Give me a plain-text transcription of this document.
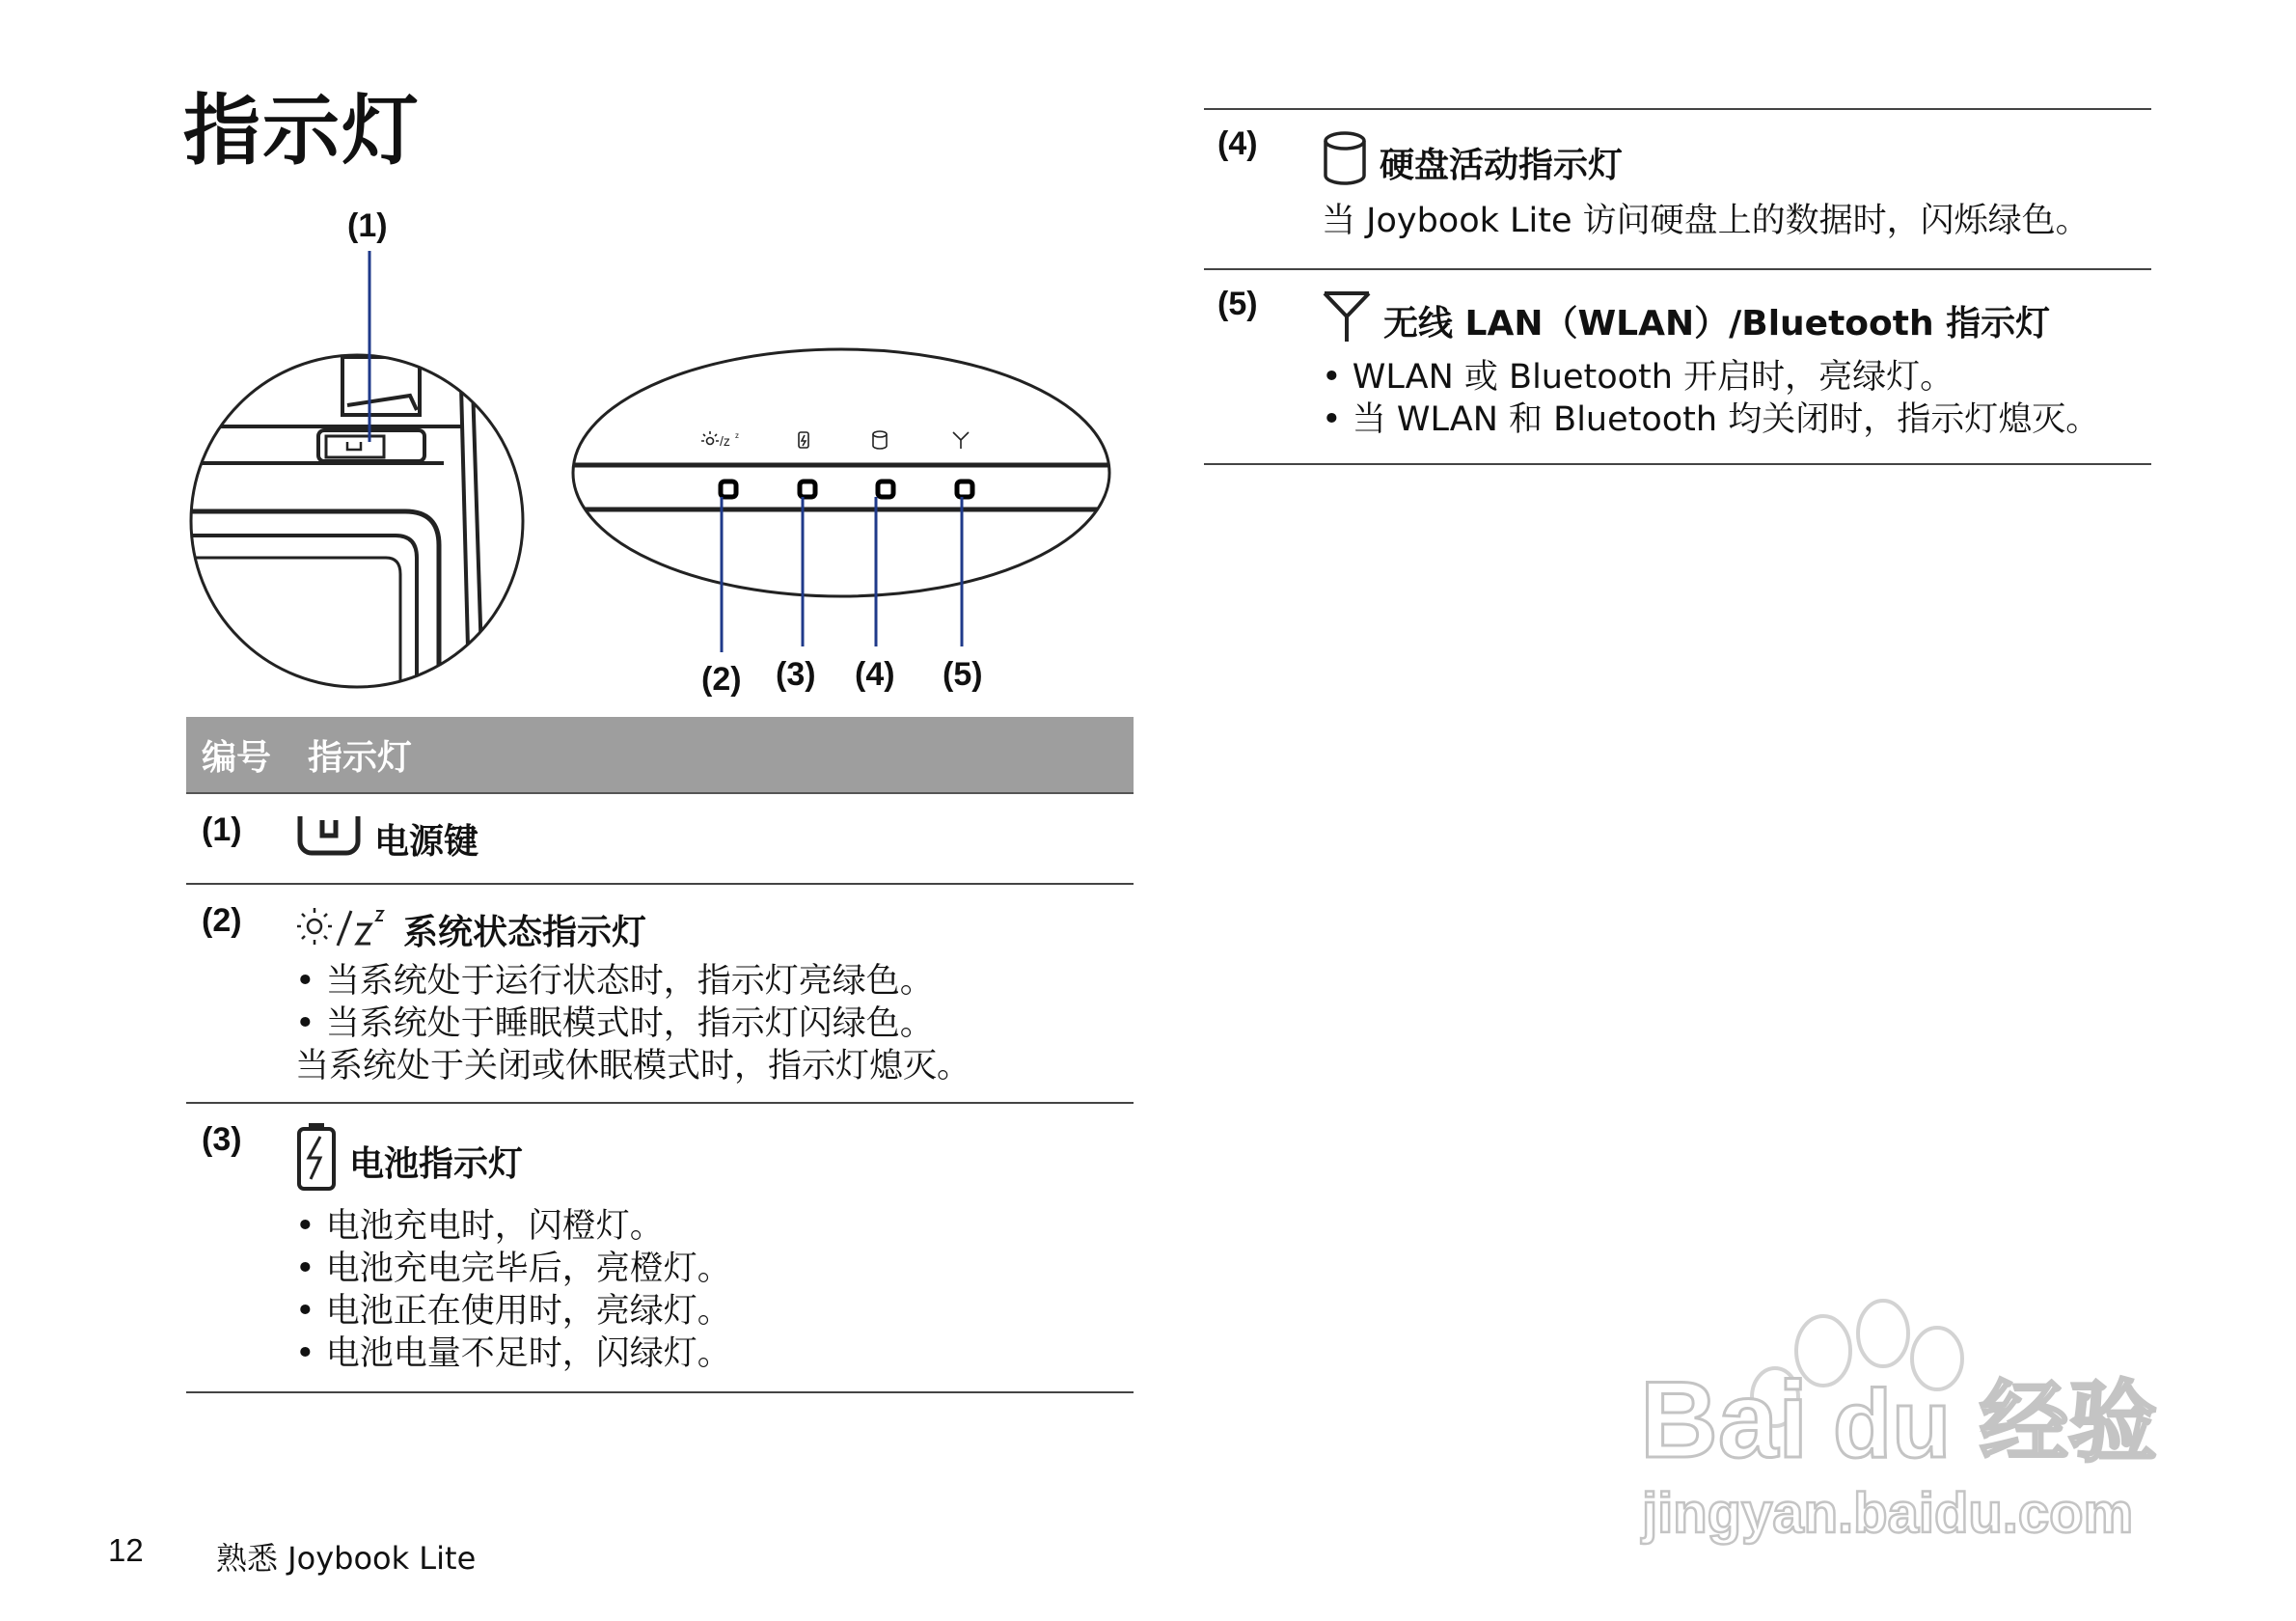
指示灯
/z z
(1)
(2) (3) (4) (5)
编号	指示灯
(1)	电源键
(2)	系统状态指示灯
• 当系统处于运行状态时，指示灯亮绿色。
• 当系统处于睡眠模式时，指示灯闪绿色。
当系统处于关闭或休眠模式时，指示灯熄灭。
(3)
电池指示灯
• 电池充电时，闪橙灯。
• 电池充电完毕后，亮橙灯。
• 电池正在使用时，亮绿灯。
• 电池电量不足时，闪绿灯。
(4)
硬盘活动指示灯
当 Joybook Lite 访问硬盘上的数据时，闪烁绿色。
(5)	无线 LAN（WLAN）/Bluetooth 指示灯
• WLAN 或 Bluetooth 开启时，亮绿灯。
• 当 WLAN 和 Bluetooth 均关闭时，指示灯熄灭。
12 熟悉 Joybook Lite
Bai du 经验
jingyan.baidu.com
